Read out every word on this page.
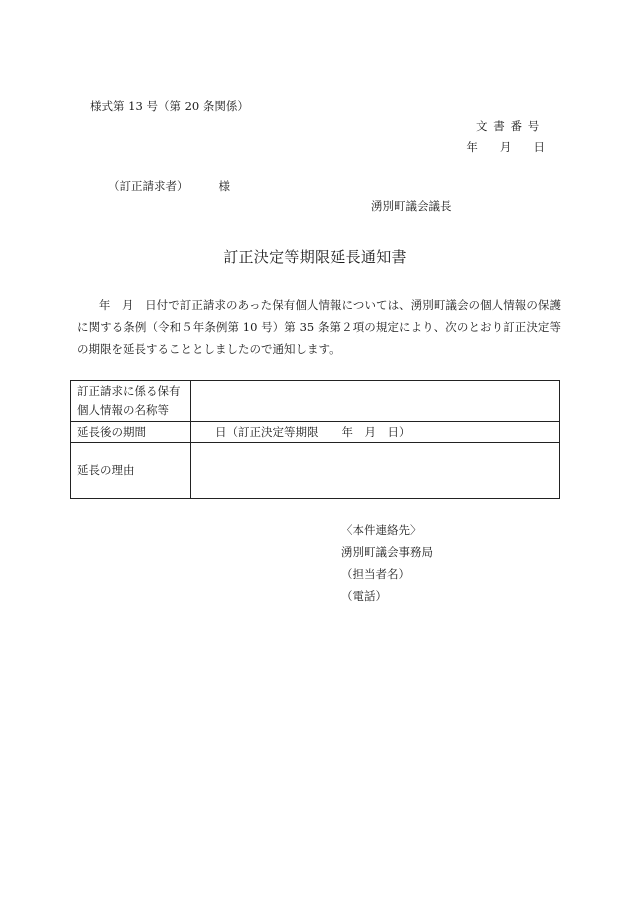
様式第 13 号（第 20 条関係）
文書番号
年 月 日
（訂正請求者）	様
湧別町議会議長
訂正決定等期限延長通知書
年　月　日付で訂正請求のあった保有個人情報については、湧別町議会の個人情報の保護に関する条例（令和５年条例第 10 号）第 35 条第２項の規定により、次のとおり訂正決定等の期限を延長することとしましたので通知します。
訂正請求に係る保有
個人情報の名称等	

延長後の期間	日（訂正決定等期限　　年　月　日）
延長の理由	
〈本件連絡先〉
湧別町議会事務局
（担当者名）
（電話）
